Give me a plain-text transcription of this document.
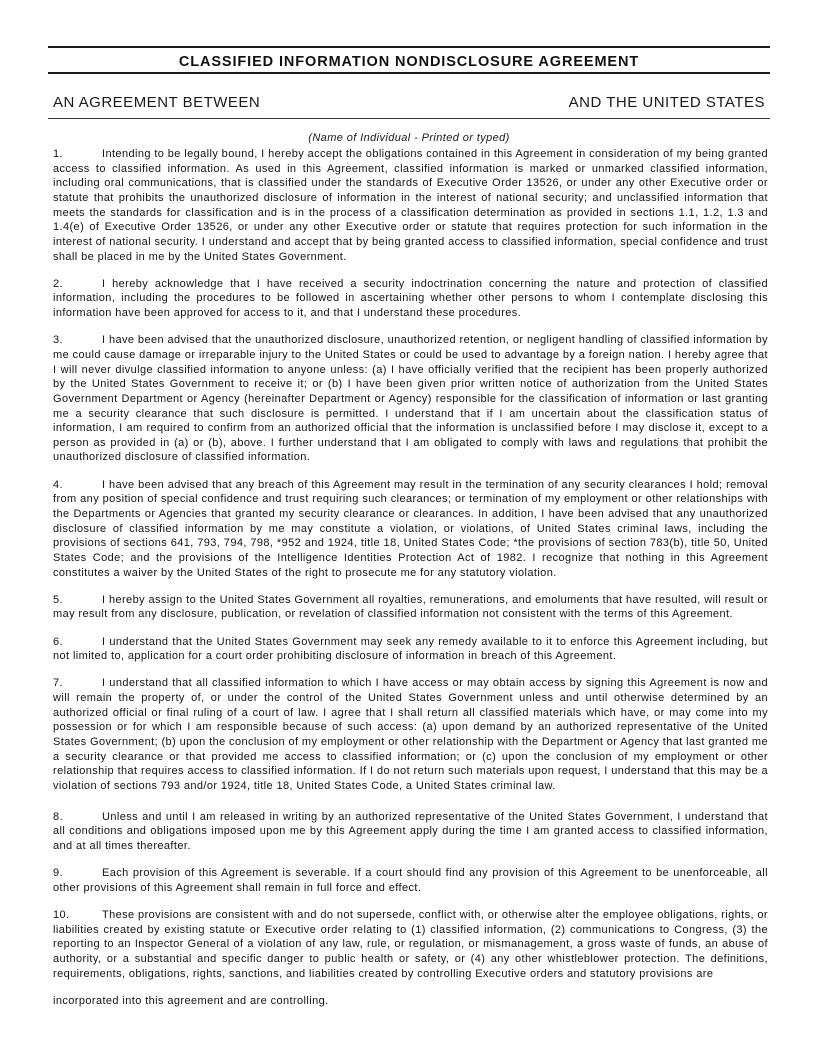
CLASSIFIED INFORMATION NONDISCLOSURE AGREEMENT
AN AGREEMENT BETWEEN	AND THE UNITED STATES
(Name of Individual - Printed or typed)

1.	Intending to be legally bound, I hereby accept the obligations contained in this Agreement in consideration of my being granted access to classified information. As used in this Agreement, classified information is marked or unmarked classified information, including oral communications, that is classified under the standards of Executive Order 13526, or under any other Executive order or statute that prohibits the unauthorized disclosure of information in the interest of national security; and unclassified information that meets the standards for classification and is in the process of a classification determination as provided in sections 1.1, 1.2, 1.3 and 1.4(e) of Executive Order 13526, or under any other Executive order or statute that requires protection for such information in the interest of national security. I understand and accept that by being granted access to classified information, special confidence and trust shall be placed in me by the United States Government.

2.	I hereby acknowledge that I have received a security indoctrination concerning the nature and protection of classified information, including the procedures to be followed in ascertaining whether other persons to whom I contemplate disclosing this information have been approved for access to it, and that I understand these procedures.

3.	I have been advised that the unauthorized disclosure, unauthorized retention, or negligent handling of classified information by me could cause damage or irreparable injury to the United States or could be used to advantage by a foreign nation. I hereby agree that I will never divulge classified information to anyone unless: (a) I have officially verified that the recipient has been properly authorized by the United States Government to receive it; or (b) I have been given prior written notice of authorization from the United States Government Department or Agency (hereinafter Department or Agency) responsible for the classification of information or last granting me a security clearance that such disclosure is permitted. I understand that if I am uncertain about the classification status of information, I am required to confirm from an authorized official that the information is unclassified before I may disclose it, except to a person as provided in (a) or (b), above. I further understand that I am obligated to comply with laws and regulations that prohibit the unauthorized disclosure of classified information.

4.	I have been advised that any breach of this Agreement may result in the termination of any security clearances I hold; removal from any position of special confidence and trust requiring such clearances; or termination of my employment or other relationships with the Departments or Agencies that granted my security clearance or clearances. In addition, I have been advised that any unauthorized disclosure of classified information by me may constitute a violation, or violations, of United States criminal laws, including the provisions of sections 641, 793, 794, 798, *952 and 1924, title 18, United States Code; *the provisions of section 783(b), title 50, United States Code; and the provisions of the Intelligence Identities Protection Act of 1982. I recognize that nothing in this Agreement constitutes a waiver by the United States of the right to prosecute me for any statutory violation.

5.	I hereby assign to the United States Government all royalties, remunerations, and emoluments that have resulted, will result or may result from any disclosure, publication, or revelation of classified information not consistent with the terms of this Agreement.

6.	I understand that the United States Government may seek any remedy available to it to enforce this Agreement including, but not limited to, application for a court order prohibiting disclosure of information in breach of this Agreement.

7.	I understand that all classified information to which I have access or may obtain access by signing this Agreement is now and will remain the property of, or under the control of the United States Government unless and until otherwise determined by an authorized official or final ruling of a court of law. I agree that I shall return all classified materials which have, or may come into my possession or for which I am responsible because of such access: (a) upon demand by an authorized representative of the United States Government; (b) upon the conclusion of my employment or other relationship with the Department or Agency that last granted me a security clearance or that provided me access to classified information; or (c) upon the conclusion of my employment or other relationship that requires access to classified information. If I do not return such materials upon request, I understand that this may be a violation of sections 793 and/or 1924, title 18, United States Code, a United States criminal law.

8.	Unless and until I am released in writing by an authorized representative of the United States Government, I understand that all conditions and obligations imposed upon me by this Agreement apply during the time I am granted access to classified information, and at all times thereafter.

9.	Each provision of this Agreement is severable. If a court should find any provision of this Agreement to be unenforceable, all other provisions of this Agreement shall remain in full force and effect.

10.	These provisions are consistent with and do not supersede, conflict with, or otherwise alter the employee obligations, rights, or liabilities created by existing statute or Executive order relating to (1) classified information, (2) communications to Congress, (3) the reporting to an Inspector General of a violation of any law, rule, or regulation, or mismanagement, a gross waste of funds, an abuse of authority, or a substantial and specific danger to public health or safety, or (4) any other whistleblower protection. The definitions, requirements, obligations, rights, sanctions, and liabilities created by controlling Executive orders and statutory provisions are

incorporated into this agreement and are controlling.
